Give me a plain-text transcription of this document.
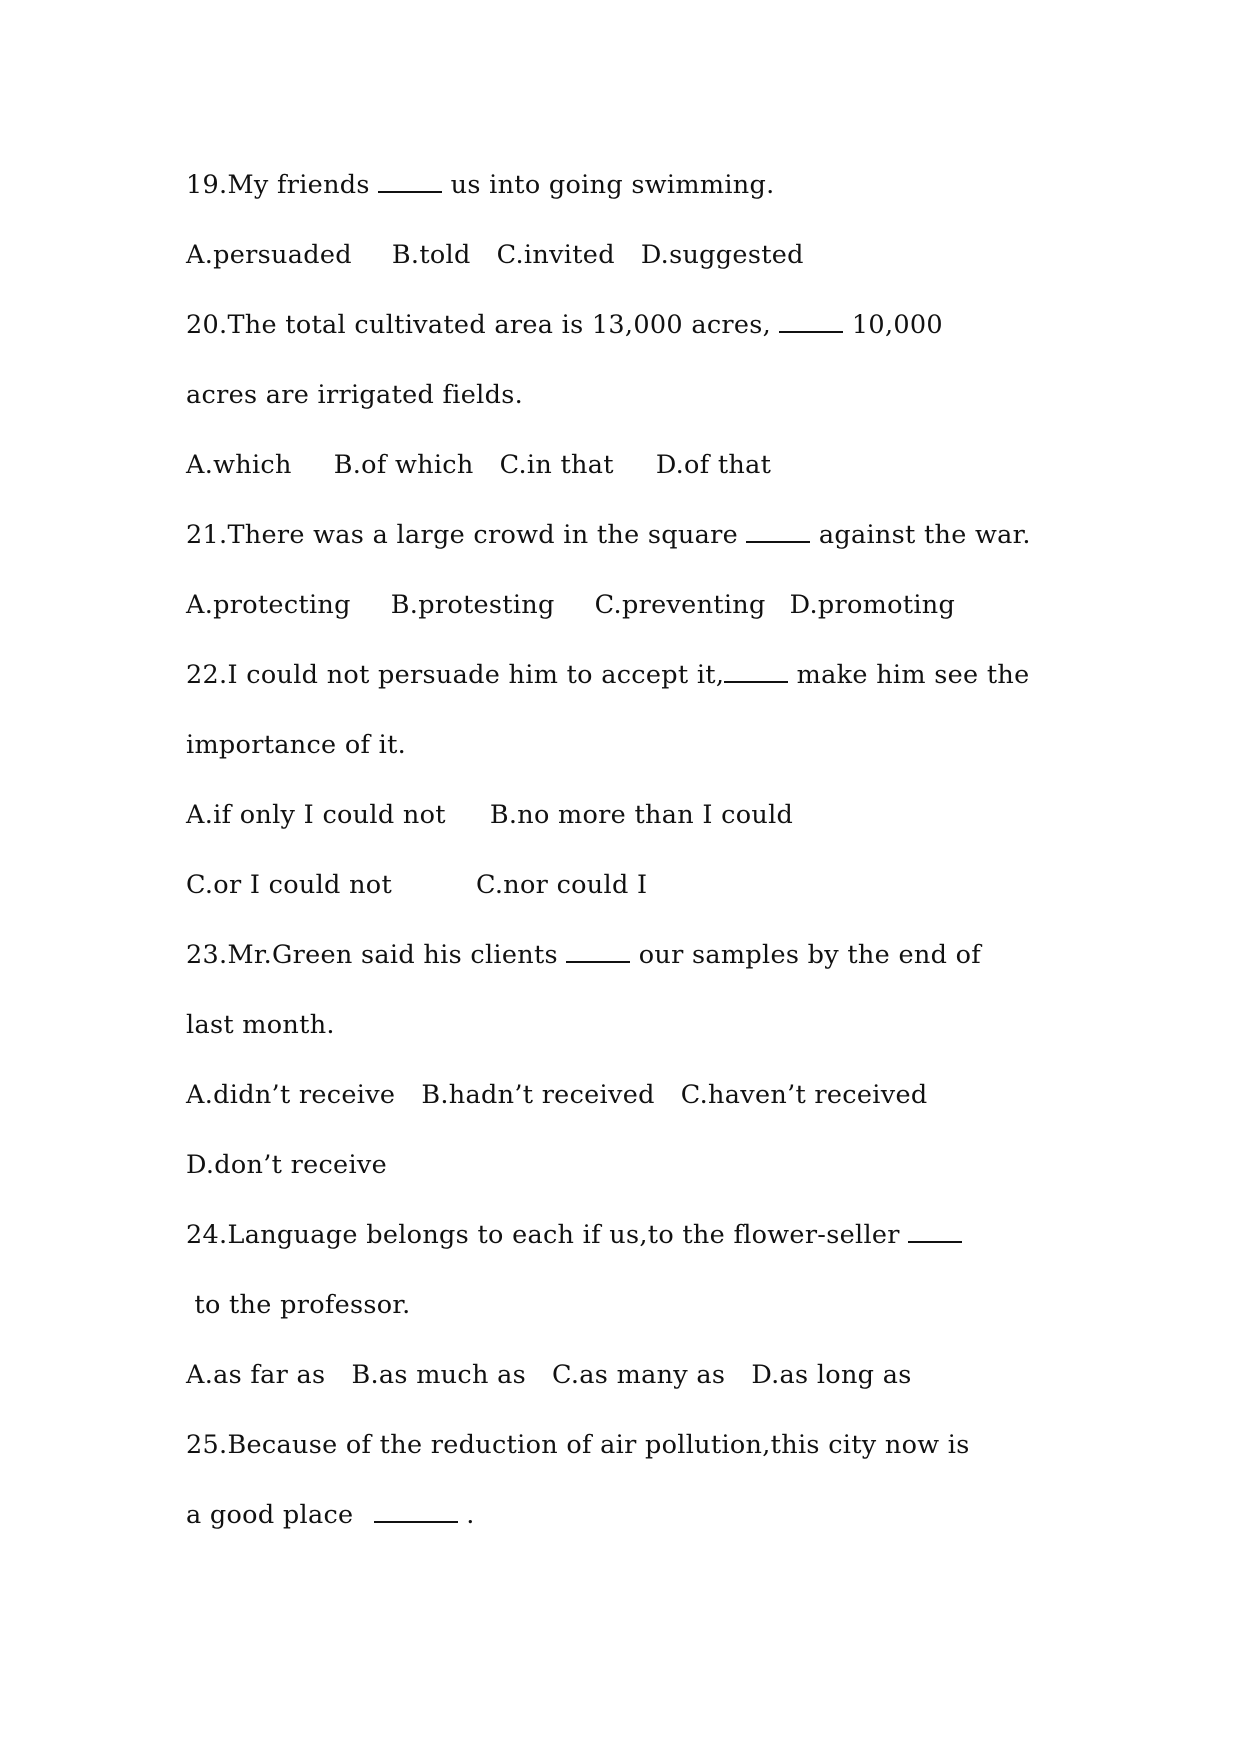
19.My friends	us into going swimming.
A.persuaded B.told C.invited D.suggested
20.The total cultivated area is 13,000 acres,	10,000
acres are irrigated fields.
A.which B.of which C.in that D.of that
21.There was a large crowd in the square	against the war.
A.protecting B.protesting C.preventing D.promoting
22.I could not persuade him to accept it,	make him see the
importance of it.
A.if only I could not B.no more than I could
C.or I could not	C.nor could I
23.Mr.Green said his clients	our samples by the end of
last month.
A.didn’t receive B.hadn’t received C.haven’t received
D.don’t receive
24.Language belongs to each if us,to the flower-seller
to the professor.
A.as far as B.as much as C.as many as D.as long as
25.Because of the reduction of air pollution,this city now is
a good place	.
